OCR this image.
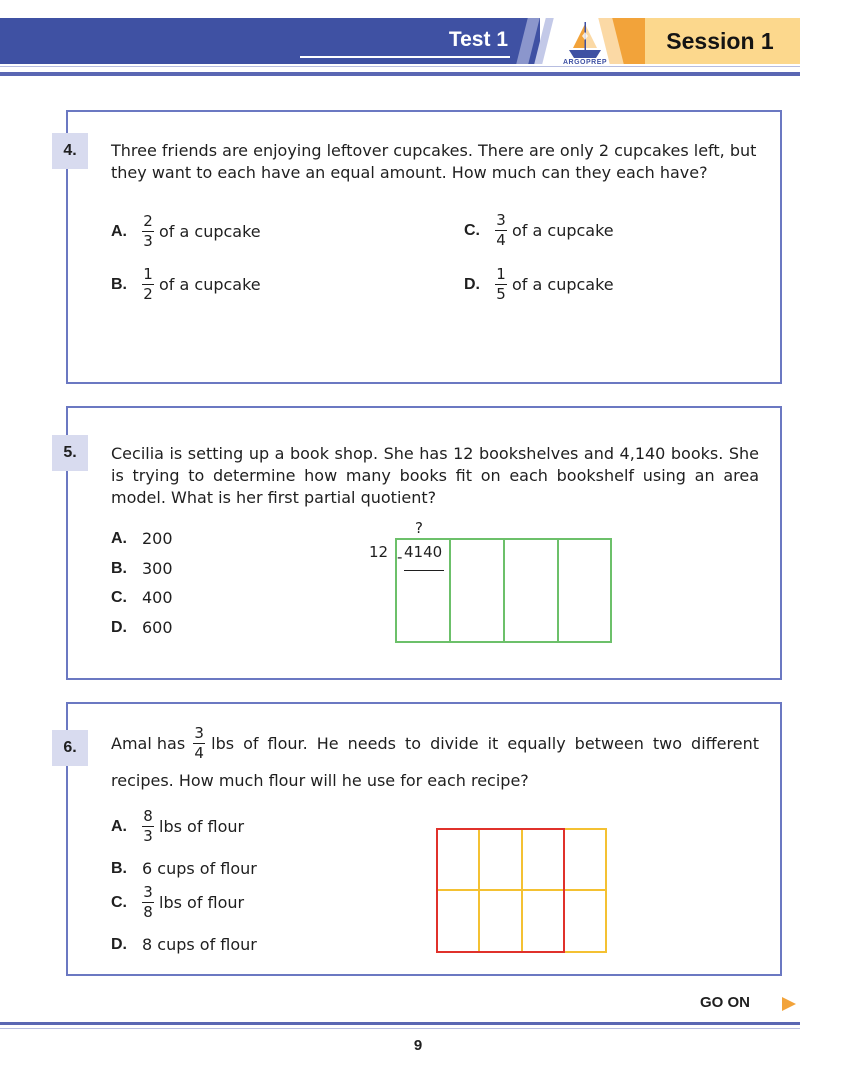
Test 1	Session 1
ARGOPREP
4.	Three friends are enjoying leftover cupcakes. There are only 2 cupcakes left, but they want to each have an equal amount. How much can they each have?
A.	$\frac{2}{3}$ of a cupcake
B.	$\frac{1}{2}$ of a cupcake
C.	$\frac{3}{4}$ of a cupcake
D.	$\frac{1}{5}$ of a cupcake
5.	Cecilia is setting up a book shop. She has 12 bookshelves and 4,140 books. She is trying to determine how many books fit on each bookshelf using an area model. What is her first partial quotient?
A. 200
B. 300
C. 400
D. 600
?
12 - 4140
6.	Amal has $\frac{3}{4}$ lbs of flour. He needs to divide it equally between two different
recipes. How much flour will he use for each recipe?
A.	$\frac{8}{3}$ lbs of flour
B. 6 cups of flour
C.	$\frac{3}{8}$ lbs of flour
D. 8 cups of flour
GO ON
9
